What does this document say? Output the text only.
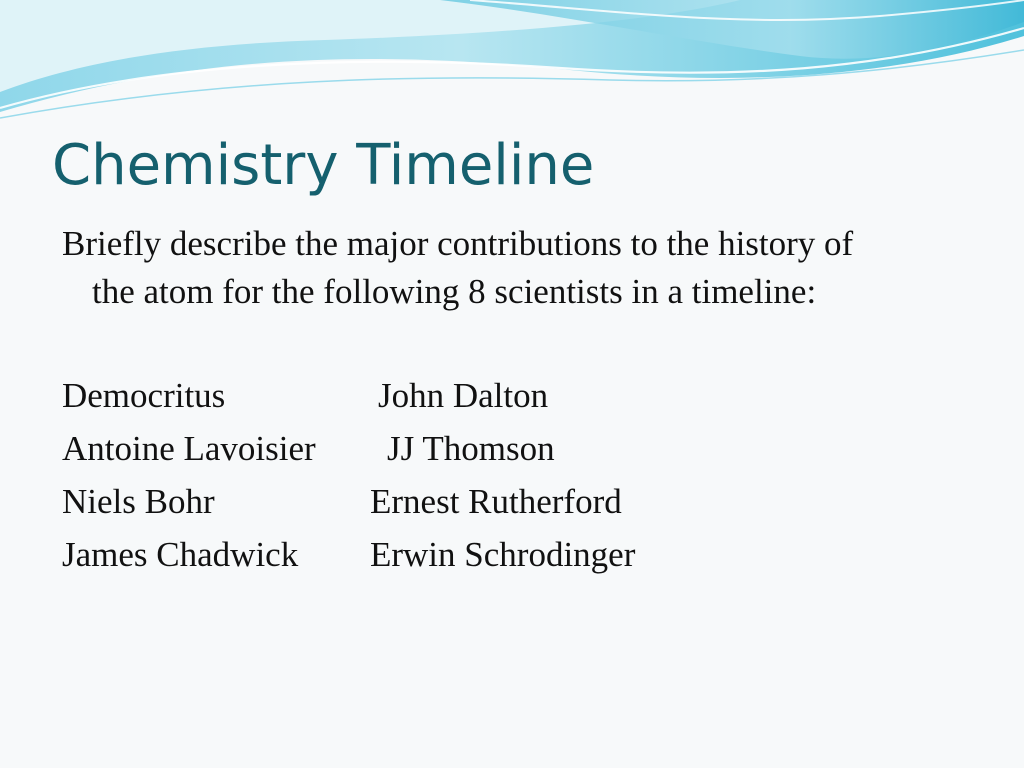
Chemistry Timeline

Briefly describe the major contributions to the history of
the atom for the following 8 scientists in a timeline:

Democritus	John Dalton

Antoine Lavoisier JJ Thomson

Niels Bohr	Ernest Rutherford

James Chadwick Erwin Schrodinger
